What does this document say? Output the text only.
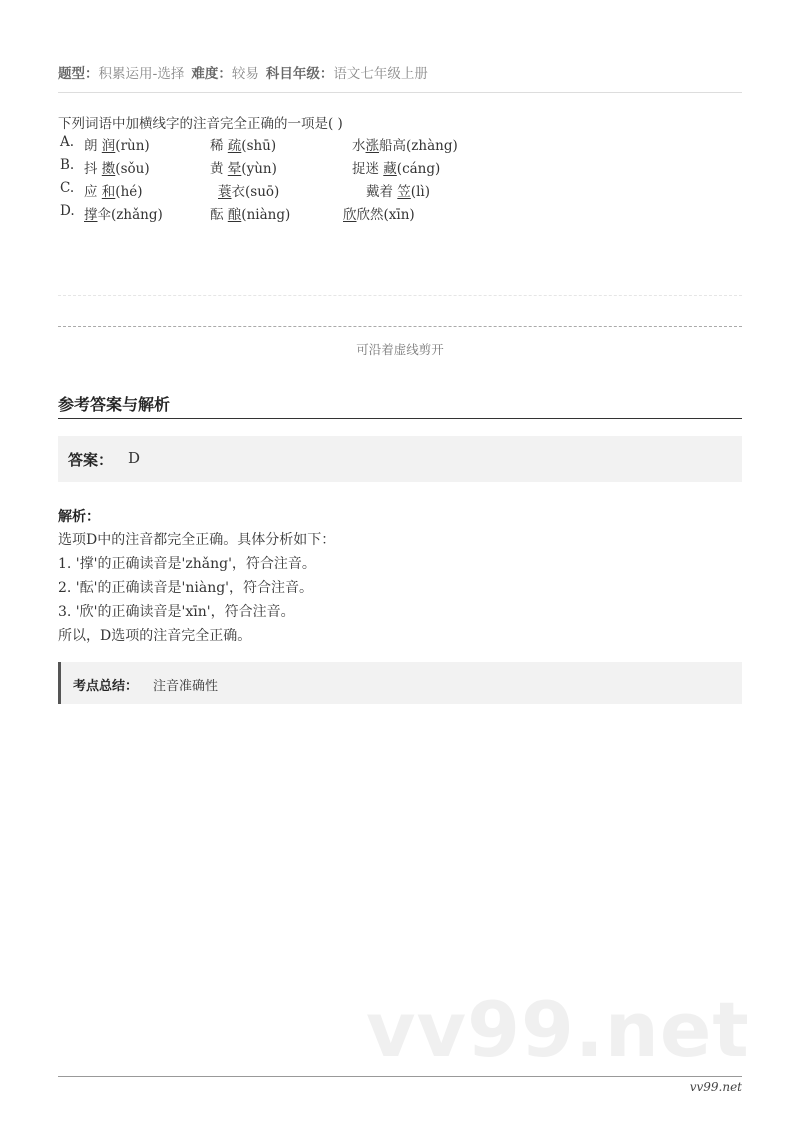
题型：积累运用-选择 难度：较易 科目年级：语文七年级上册
下列词语中加横线字的注音完全正确的一项是( )
A. 朗 润(rùn)	稀 疏(shū)	水涨船高(zhàng)
B. 抖 擞(sǒu)	黄 晕(yùn)	捉迷 藏(cáng)
C. 应 和(hé)	蓑衣(suō)	戴着 笠(lì)
D. 撑伞(zhǎng)	酝 酿(niàng)	欣欣然(xīn)
可沿着虚线剪开
参考答案与解析
答案： D
解析：
选项D中的注音都完全正确。具体分析如下：
1. '撑'的正确读音是'zhǎng'，符合注音。
2. '酝'的正确读音是'niàng'，符合注音。
3. '欣'的正确读音是'xīn'，符合注音。
所以，D选项的注音完全正确。
考点总结： 注音准确性
vv99.net
vv99.net
